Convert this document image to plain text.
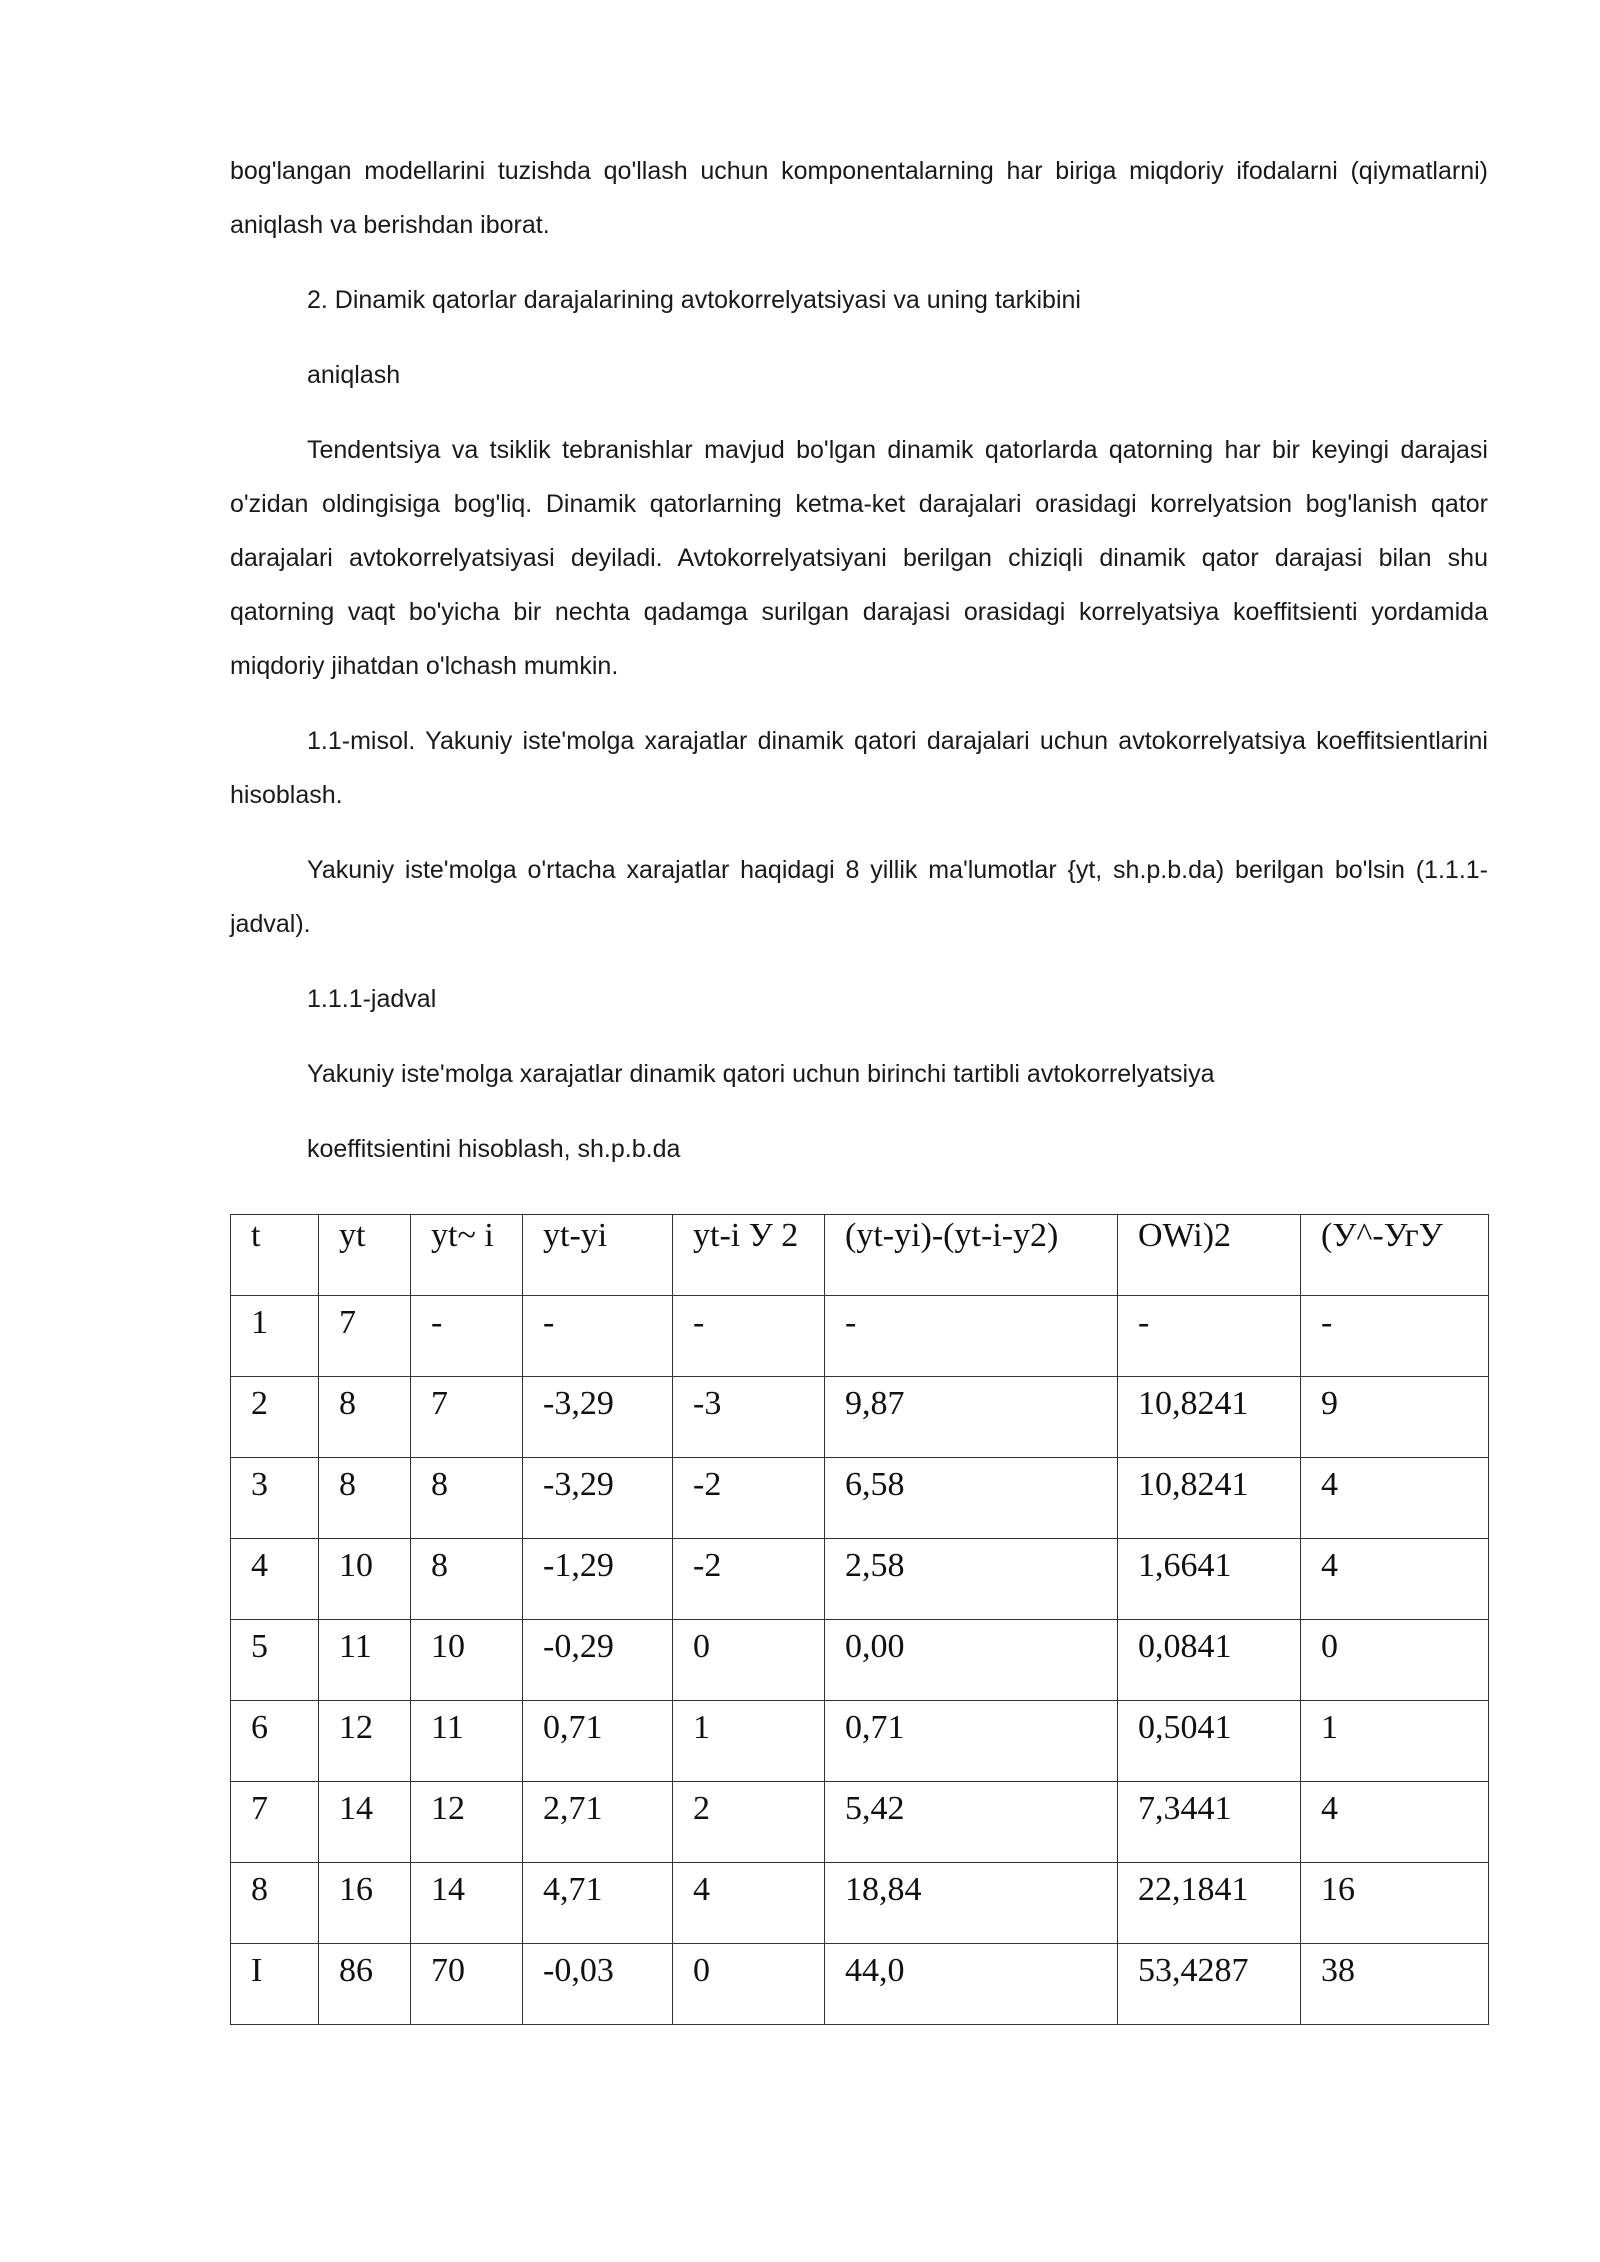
bog'langan modellarini tuzishda qo'llash uchun komponentalarning har biriga miqdoriy ifodalarni (qiymatlarni) aniqlash va berishdan iborat.

2. Dinamik qatorlar darajalarining avtokorrelyatsiyasi va uning tarkibini

aniqlash

Tendentsiya va tsiklik tebranishlar mavjud bo'lgan dinamik qatorlarda qatorning har bir keyingi darajasi o'zidan oldingisiga bog'liq. Dinamik qatorlarning ketma-ket darajalari orasidagi korrelyatsion bog'lanish qator darajalari avtokorrelyatsiyasi deyiladi. Avtokorrelyatsiyani berilgan chiziqli dinamik qator darajasi bilan shu qatorning vaqt bo'yicha bir nechta qadamga surilgan darajasi orasidagi korrelyatsiya koeffitsienti yordamida miqdoriy jihatdan o'lchash mumkin.

1.1-misol. Yakuniy iste'molga xarajatlar dinamik qatori darajalari uchun avtokorrelyatsiya koeffitsientlarini hisoblash.

Yakuniy iste'molga o'rtacha xarajatlar haqidagi 8 yillik ma'lumotlar {yt, sh.p.b.da) berilgan bo'lsin (1.1.1-jadval).

1.1.1-jadval

Yakuniy iste'molga xarajatlar dinamik qatori uchun birinchi tartibli avtokorrelyatsiya

koeffitsientini hisoblash, sh.p.b.da

t	yt	yt~ i	yt-yi	yt-i У 2	(yt-yi)-(yt-i-y2)	OWi)2	(У^-УгУ
1	7	-	-	-	-	-	-
2	8	7	-3,29	-3	9,87	10,8241	9
3	8	8	-3,29	-2	6,58	10,8241	4
4	10	8	-1,29	-2	2,58	1,6641	4
5	11	10	-0,29	0	0,00	0,0841	0
6	12	11	0,71	1	0,71	0,5041	1
7	14	12	2,71	2	5,42	7,3441	4
8	16	14	4,71	4	18,84	22,1841	16
I	86	70	-0,03	0	44,0	53,4287	38
